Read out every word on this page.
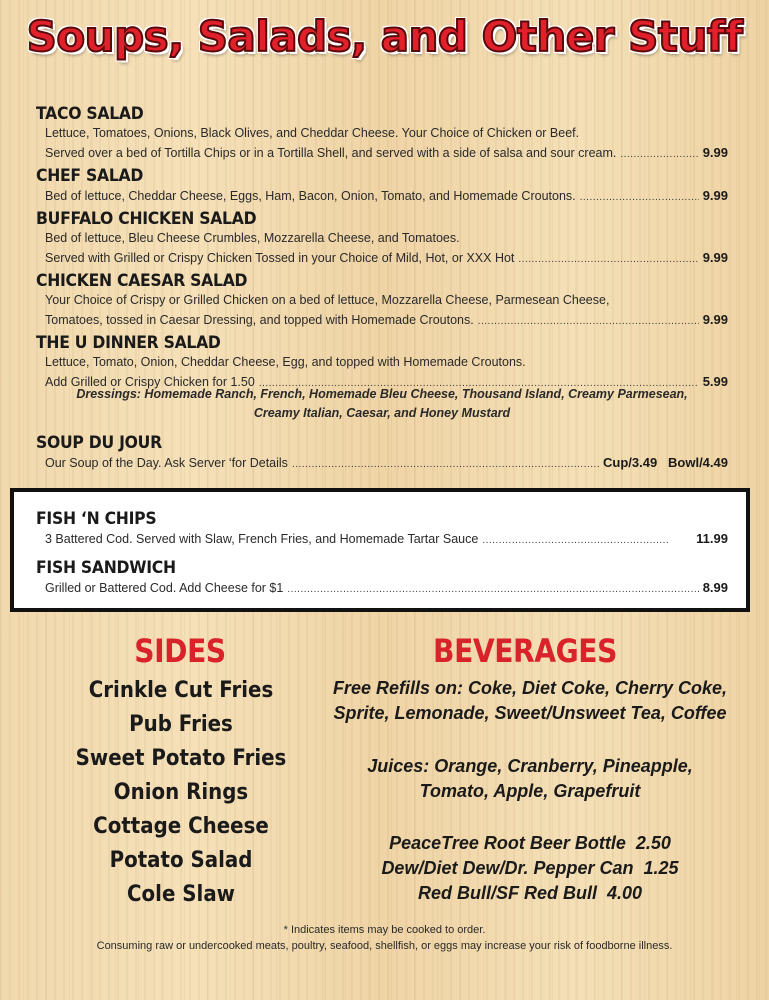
Soups, Salads, and Other Stuff
TACO SALAD
Lettuce, Tomatoes, Onions, Black Olives, and Cheddar Cheese. Your Choice of Chicken or Beef.
Served over a bed of Tortilla Chips or in a Tortilla Shell, and served with a side of salsa and sour cream. .....	9.99
CHEF SALAD
Bed of lettuce, Cheddar Cheese, Eggs, Ham, Bacon, Onion, Tomato, and Homemade Croutons. .....	9.99
BUFFALO CHICKEN SALAD
Bed of lettuce, Bleu Cheese Crumbles, Mozzarella Cheese, and Tomatoes.
Served with Grilled or Crispy Chicken Tossed in your Choice of Mild, Hot, or XXX Hot .....	9.99
CHICKEN CAESAR SALAD
Your Choice of Crispy or Grilled Chicken on a bed of lettuce, Mozzarella Cheese, Parmesean Cheese,
Tomatoes, tossed in Caesar Dressing, and topped with Homemade Croutons. .....	9.99
THE U DINNER SALAD
Lettuce, Tomato, Onion, Cheddar Cheese, Egg, and topped with Homemade Croutons.
Add Grilled or Crispy Chicken for 1.50 .....	5.99
Dressings: Homemade Ranch, French, Homemade Bleu Cheese, Thousand Island, Creamy Parmesean,
Creamy Italian, Caesar, and Honey Mustard
SOUP DU JOUR
Our Soup of the Day. Ask Server ‘for Details .....	Cup/3.49   Bowl/4.49
FISH ‘N CHIPS
3 Battered Cod. Served with Slaw, French Fries, and Homemade Tartar Sauce .....	11.99
FISH SANDWICH
Grilled or Battered Cod. Add Cheese for $1 .....	8.99
SIDES
Crinkle Cut Fries
Pub Fries
Sweet Potato Fries
Onion Rings
Cottage Cheese
Potato Salad
Cole Slaw
BEVERAGES
Free Refills on: Coke, Diet Coke, Cherry Coke,
Sprite, Lemonade, Sweet/Unsweet Tea, Coffee
Juices: Orange, Cranberry, Pineapple,
Tomato, Apple, Grapefruit
PeaceTree Root Beer Bottle  2.50
Dew/Diet Dew/Dr. Pepper Can  1.25
Red Bull/SF Red Bull  4.00
* Indicates items may be cooked to order.
Consuming raw or undercooked meats, poultry, seafood, shellfish, or eggs may increase your risk of foodborne illness.
